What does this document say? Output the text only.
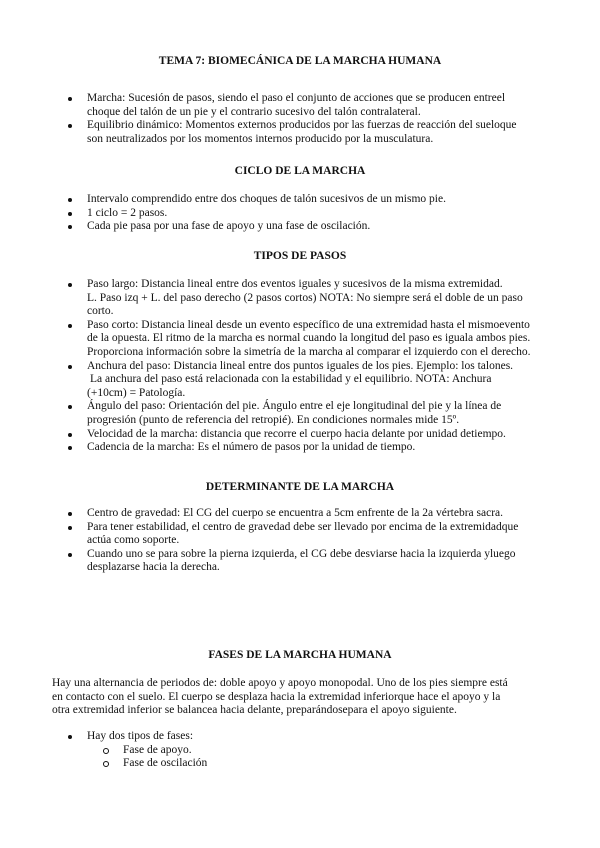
TEMA 7: BIOMECÁNICA DE LA MARCHA HUMANA
Marcha: Sucesión de pasos, siendo el paso el conjunto de acciones que se producen entreel
choque del talón de un pie y el contrario sucesivo del talón contralateral.
Equilibrio dinámico: Momentos externos producidos por las fuerzas de reacción del sueloque
son neutralizados por los momentos internos producido por la musculatura.
CICLO DE LA MARCHA
Intervalo comprendido entre dos choques de talón sucesivos de un mismo pie.
1 ciclo = 2 pasos.
Cada pie pasa por una fase de apoyo y una fase de oscilación.
TIPOS DE PASOS
Paso largo: Distancia lineal entre dos eventos iguales y sucesivos de la misma extremidad.
L. Paso izq + L. del paso derecho (2 pasos cortos) NOTA: No siempre será el doble de un paso
corto.
Paso corto: Distancia lineal desde un evento específico de una extremidad hasta el mismoevento
de la opuesta. El ritmo de la marcha es normal cuando la longitud del paso es iguala ambos pies.
Proporciona información sobre la simetría de la marcha al comparar el izquierdo con el derecho.
Anchura del paso: Distancia lineal entre dos puntos iguales de los pies. Ejemplo: los talones.
La anchura del paso está relacionada con la estabilidad y el equilibrio. NOTA: Anchura
(+10cm) = Patología.
Ángulo del paso: Orientación del pie. Ángulo entre el eje longitudinal del pie y la línea de
progresión (punto de referencia del retropié). En condiciones normales mide 15º.
Velocidad de la marcha: distancia que recorre el cuerpo hacia delante por unidad detiempo.
Cadencia de la marcha: Es el número de pasos por la unidad de tiempo.
DETERMINANTE DE LA MARCHA
Centro de gravedad: El CG del cuerpo se encuentra a 5cm enfrente de la 2a vértebra sacra.
Para tener estabilidad, el centro de gravedad debe ser llevado por encima de la extremidadque
actúa como soporte.
Cuando uno se para sobre la pierna izquierda, el CG debe desviarse hacia la izquierda yluego
desplazarse hacia la derecha.
FASES DE LA MARCHA HUMANA
Hay una alternancia de periodos de: doble apoyo y apoyo monopodal. Uno de los pies siempre está
en contacto con el suelo. El cuerpo se desplaza hacia la extremidad inferiorque hace el apoyo y la
otra extremidad inferior se balancea hacia delante, preparándosepara el apoyo siguiente.
Hay dos tipos de fases:
Fase de apoyo.
Fase de oscilación
